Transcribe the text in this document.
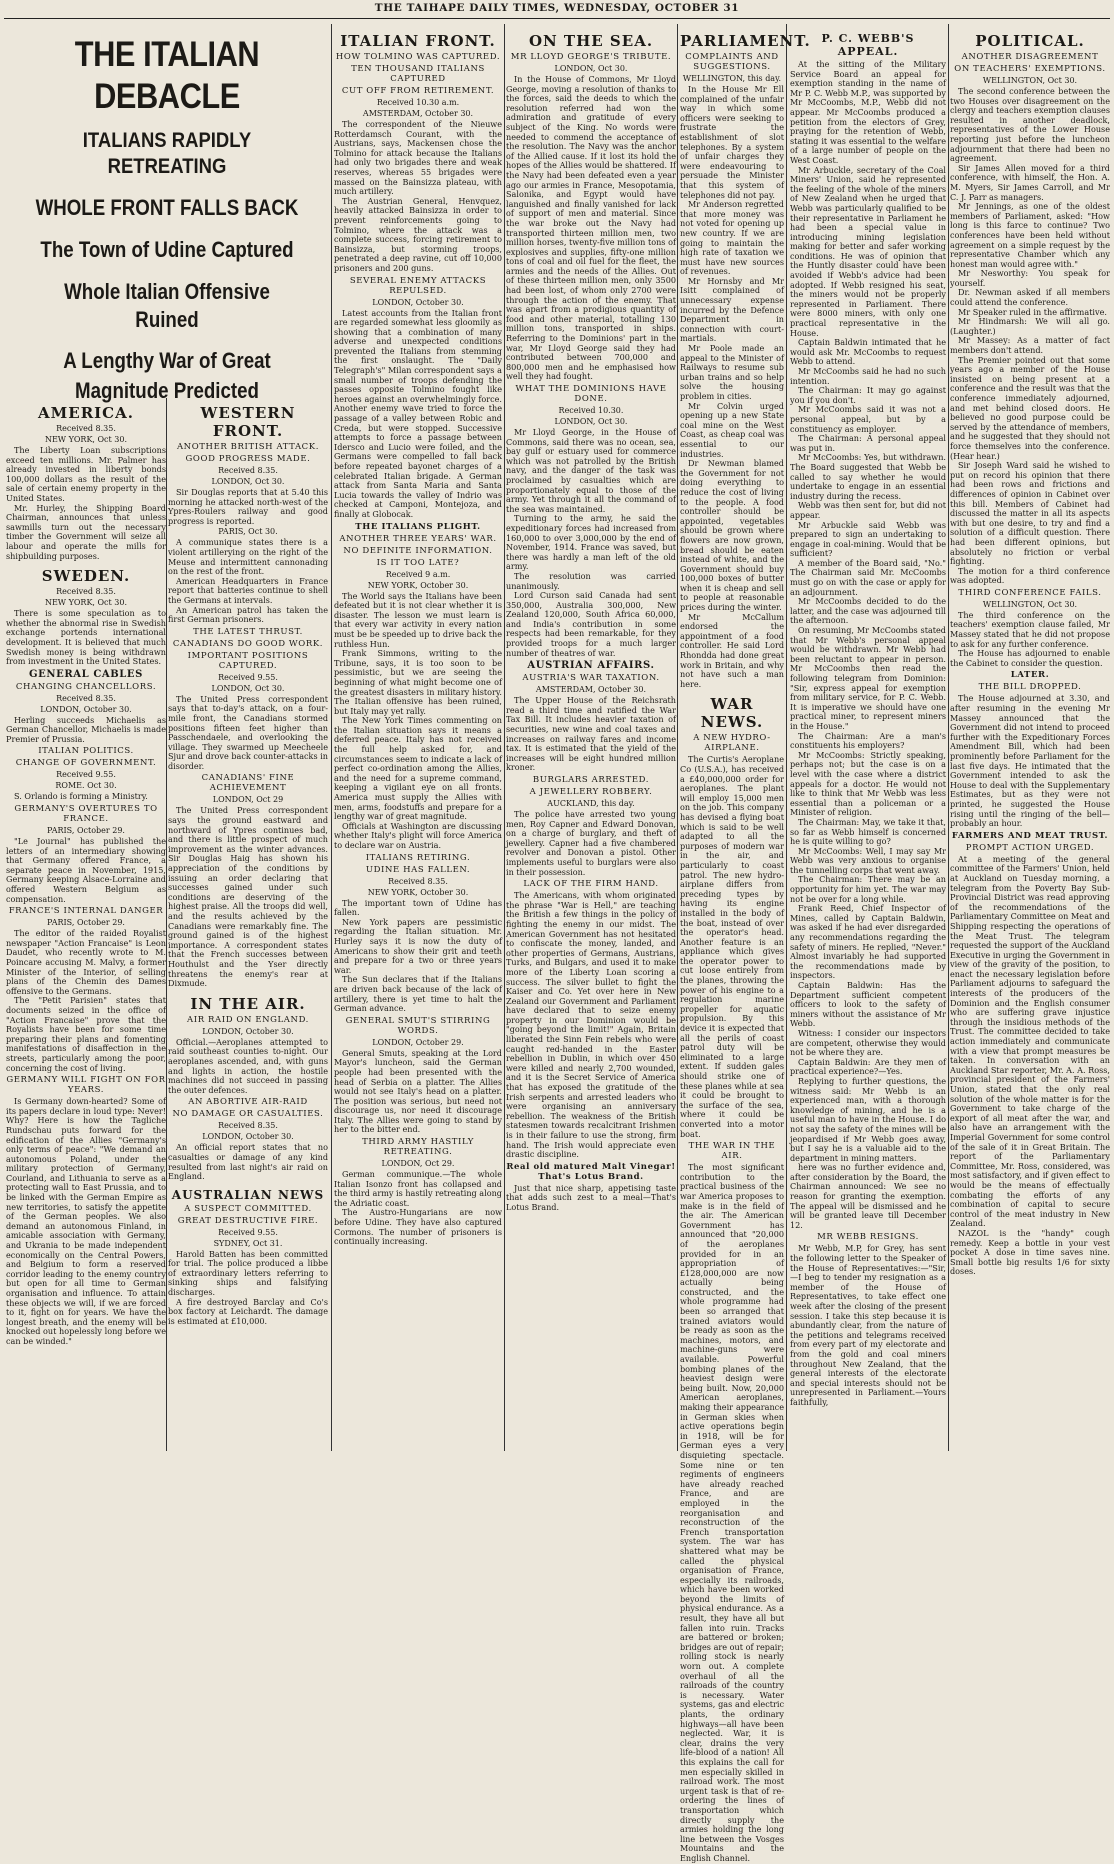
THE TAIHAPE DAILY TIMES, WEDNESDAY, OCTOBER 31
THE ITALIAN DEBACLE
ITALIANS RAPIDLY RETREATING
WHOLE FRONT FALLS BACK
The Town of Udine Captured
Whole Italian Offensive Ruined
A Lengthy War of Great Magnitude Predicted
AMERICA.
Received 8.35.
NEW YORK, Oct 30.

The Liberty Loan subscriptions exceed ten millions. Mr. Palmer has already invested in liberty bonds 100,000 dollars as the result of the sale of certain enemy property in the United States.

Mr. Hurley, the Shipping Board Chairman, announces that unless sawmills turn out the necessary timber the Government will seize all labour and operate the mills for shipbuilding purposes.

SWEDEN.
Received 8.35.
NEW YORK, Oct 30.

There is some speculation as to whether the abnormal rise in Swedish exchange portends international development. It is believed that much Swedish money is being withdrawn from investment in the United States.

GENERAL CABLES
CHANGING CHANCELLORS.
Received 8.35.
LONDON, October 30.

Herling succeeds Michaelis as German Chancellor, Michaelis is made Premier of Prussia.

ITALIAN POLITICS.
CHANGE OF GOVERNMENT.
Received 9.55.
ROME. Oct 30.

S. Orlando is forming a Ministry.

GERMANY'S OVERTURES TO FRANCE.
PARIS, October 29.

"Le Journal" has published the letters of an intermediary showing that Germany offered France, a separate peace in November, 1915, Germany keeping Alsace-Lorraine and offered Western Belgium as compensation.

FRANCE'S INTERNAL DANGER
PARIS, October 29.

The editor of the raided Royalist newspaper "Action Francaise" is Leon Daudet, who recently wrote to M. Poincare accusing M. Malvy, a former Minister of the Interior, of selling plans of the Chemin des Dames offensive to the Germans.

The "Petit Parisien" states that documents seized in the office of "Action Francaise" prove that the Royalists have been for some time preparing their plans and fomenting manifestations of disaffection in the streets, particularly among the poor, concerning the cost of living.

GERMANY WILL FIGHT ON FOR YEARS.

Is Germany down-hearted? Some of its papers declare in loud type: Never! Why? Here is how the Tagliche Rundschau puts forward for the edification of the Allies "Germany's only terms of peace": "We demand an autonomous Poland, under the military protection of Germany, Courland, and Lithuania to serve as a protecting wall to East Prussia, and to be linked with the German Empire as new territories, to satisfy the appetite of the German peoples. We also demand an autonomous Finland, in amicable association with Germany, and Ukrania to be made independent economically on the Central Powers, and Belgium to form a reserved corridor leading to the enemy country but open for all time to German organisation and influence. To attain these objects we will, if we are forced to it, fight on for years. We have the longest breath, and the enemy will be knocked out hopelessly long before we can be winded."

WESTERN FRONT.
ANOTHER BRITISH ATTACK.
GOOD PROGRESS MADE.
Received 8.35.
LONDON, Oct 30.

Sir Douglas reports that at 5.40 this morning he attacked north-west of the Ypres-Roulers railway and good progress is reported.

PARIS, Oct 30.

A communique states there is a violent artillerying on the right of the Meuse and intermittent cannonading on the rest of the front.

American Headquarters in France report that batteries continue to shell the Germans at intervals.

An American patrol has taken the first German prisoners.

THE LATEST THRUST.
CANADIANS DO GOOD WORK.
IMPORTANT POSITIONS CAPTURED.
Received 9.55.
LONDON, Oct 30.

The United Press correspondent says that to-day's attack, on a four-mile front, the Canadians stormed positions fifteen feet higher than Passchendaele, and overlooking the village. They swarmed up Meecheele Sjur and drove back counter-attacks in disorder.

CANADIANS' FINE ACHIEVEMENT
LONDON, Oct 29

The United Press correspondent says the ground eastward and northward of Ypres continues bad, and there is little prospect of much improvement as the winter advances. Sir Douglas Haig has shown his appreciation of the conditions by issuing an order declaring that successes gained under such conditions are deserving of the highest praise. All the troops did well, and the results achieved by the Canadians were remarkably fine. The ground gained is of the highest importance. A correspondent states that the French successes between Houthulst and the Yser directly threatens the enemy's rear at Dixmude.

IN THE AIR.
AIR RAID ON ENGLAND.
LONDON, October 30.

Official.—Aeroplanes attempted to raid southeast counties to-night. Our aeroplanes ascended, and, with guns and lights in action, the hostile machines did not succeed in passing the outer defences.

AN ABORTIVE AIR-RAID
NO DAMAGE OR CASUALTIES.
Received 8.35.
LONDON, October 30.

An official report states that no casualties or damage of any kind resulted from last night's air raid on England.

AUSTRALIAN NEWS
A SUSPECT COMMITTED.
GREAT DESTRUCTIVE FIRE.
Received 9.55.
SYDNEY, Oct 31.

Harold Batten has been committed for trial. The police produced a libbe of extraordinary letters referring to sinking ships and falsifying discharges.

A fire destroyed Barclay and Co's box factory at Leichardt. The damage is estimated at £10,000.

ITALIAN FRONT.
HOW TOLMINO WAS CAPTURED.
TEN THOUSAND ITALIANS CAPTURED
CUT OFF FROM RETIREMENT.
Received 10.30 a.m.
AMSTERDAM, October 30.

The correspondent of the Nieuwe Rotterdamsch Courant, with the Austrians, says, Mackensen chose the Tolmino for attack because the Italians had only two brigades there and weak reserves, whereas 55 brigades were massed on the Bainsizza plateau, with much artillery.

The Austrian General, Henvquez, heavily attacked Bainsizza in order to prevent reinforcements going to Tolmino, where the attack was a complete success, forcing retirement to Bainsizza, but storming troops, penetrated a deep ravine, cut off 10,000 prisoners and 200 guns.

SEVERAL ENEMY ATTACKS REPULSED.
LONDON, October 30.

Latest accounts from the Italian front are regarded somewhat less gloomily as showing that a combination of many adverse and unexpected conditions prevented the Italians from stemming the first onslaught. The "Daily Telegraph's" Milan correspondent says a small number of troops defending the passes opposite Tolmino fought like heroes against an overwhelmingly force. Another enemy wave tried to force the passage of a valley between Robic and Creda, but were stopped. Successive attempts to force a passage between Idersco and Lucio were foiled, and the Germans were compelled to fall back before repeated bayonet charges of a celebrated Italian brigade. A German attack from Santa Maria and Santa Lucia towards the valley of Indrio was checked at Camponi, Montejoza, and finally at Globocak.

THE ITALIANS PLIGHT.
ANOTHER THREE YEARS' WAR.
NO DEFINITE INFORMATION.
IS IT TOO LATE?
Received 9 a.m.
NEW YORK, October 30.

The World says the Italians have been defeated but it is not clear whether it is disaster. The lesson we must learn is that every war activity in every nation must be be speeded up to drive back the ruthless Hun.

Frank Simmons, writing to the Tribune, says, it is too soon to be pessimistic, but we are seeing the beginning of what might become one of the greatest disasters in military history. The Italian offensive has been ruined, but Italy may yet rally.

The New York Times commenting on the Italian situation says it means a deferred peace. Italy has not received the full help asked for, and circumstances seem to indicate a lack of perfect co-ordination among the Allies, and the need for a supreme command, keeping a vigilant eye on all fronts. America must supply the Allies with men, arms, foodstuffs and prepare for a lengthy war of great magnitude.

Officials at Washington are discussing whether Italy's plight will force America to declare war on Austria.

ITALIANS RETIRING.
UDINE HAS FALLEN.
Received 8.35.
NEW YORK, October 30.

The important town of Udine has fallen.

New York papers are pessimistic regarding the Italian situation. Mr. Hurley says it is now the duty of Americans to show their grit and teeth and prepare for a two or three years war.

The Sun declares that if the Italians are driven back because of the lack of artillery, there is yet time to halt the German advance.

GENERAL SMUT'S STIRRING WORDS.
LONDON, October 29.

General Smuts, speaking at the Lord Mayor's luncheon, said the German people had been presented with the head of Serbia on a platter. The Allies would not see Italy's head on a platter. The position was serious, but need not discourage us, nor need it discourage Italy. The Allies were going to stand by her to the bitter end.

THIRD ARMY HASTILY RETREATING.
LONDON, Oct 29.

German communique.—The whole Italian Isonzo front has collapsed and the third army is hastily retreating along the Adriatic coast.

The Austro-Hungarians are now before Udine. They have also captured Cormons. The number of prisoners is continually increasing.

ON THE SEA.
MR LLOYD GEORGE'S TRIBUTE.
LONDON, Oct 30.

In the House of Commons, Mr Lloyd George, moving a resolution of thanks to the forces, said the deeds to which the resolution referred had won the admiration and gratitude of every subject of the King. No words were needed to commend the acceptance of the resolution. The Navy was the anchor of the Allied cause. If it lost its hold the hopes of the Allies would be shattered. If the Navy had been defeated even a year ago our armies in France, Mesopotamia, Salonika, and Egypt would have languished and finally vanished for lack of support of men and material. Since the war broke out the Navy had transported thirteen million men, two million horses, twenty-five million tons of explosives and supplies, fifty-one million tons of coal and oil fuel for the fleet, the armies and the needs of the Allies. Out of these thirteen million men, only 3500 had been lost, of whom only 2700 were through the action of the enemy. That was apart from a prodigious quantity of food and other material, totalling 130 million tons, transported in ships. Referring to the Dominions' part in the war, Mr Lloyd George said they had contributed between 700,000 and 800,000 men and he emphasised how well they had fought.

WHAT THE DOMINIONS HAVE DONE.
Received 10.30.
LONDON, Oct 30.

Mr Lloyd George, in the House of Commons, said there was no ocean, sea, bay gulf or estuary used for commerce which was not patrolled by the British navy, and the danger of the task was proclaimed by casualties which are proportionately equal to those of the army. Yet through it all the command of the sea was maintained.

Turning to the army, he said the expeditionary forces had increased from 160,000 to over 3,000,000 by the end of November, 1914. France was saved, but there was hardly a man left of the old army.

The resolution was carried unanimously.

Lord Curson said Canada had sent 350,000, Australia 300,000, New Zealand 120,000, South Africa 60,000, and India's contribution in some respects had been remarkable, for they provided troops for a much larger number of theatres of war.

AUSTRIAN AFFAIRS.
AUSTRIA'S WAR TAXATION.
AMSTERDAM, October 30.

The Upper House of the Reichsrath read a third time and ratified the War Tax Bill. It includes heavier taxation of securities, new wine and coal taxes and increases on railway fares and income tax. It is estimated that the yield of the increases will be eight hundred million kroner.

BURGLARS ARRESTED.
A JEWELLERY ROBBERY.
AUCKLAND, this day.

The police have arrested two young men, Roy Capner and Edward Donovan, on a charge of burglary, and theft of jewellery. Capner had a five chambered revolver and Donovan a pistol. Other implements useful to burglars were also in their possession.

LACK OF THE FIRM HAND.

The Americans, with whom originated the phrase "War is Hell," are teaching the British a few things in the policy of fighting the enemy in our midst. The American Government has not hesitated to confiscate the money, landed, and other properties of Germans, Austrians, Turks, and Bulgars, and used it to make more of the Liberty Loan scoring a success. The silver bullet to fight the Kaiser and Co. Yet over here in New Zealand our Government and Parliament have declared that to seize enemy property in our Dominion would be "going beyond the limit!" Again, Britain liberated the Sinn Fein rebels who were caught red-handed in the Easter rebellion in Dublin, in which over 450 were killed and nearly 2,700 wounded, and it is the Secret Service of America that has exposed the gratitude of the Irish serpents and arrested leaders who were organising an anniversary rebellion. The weakness of the British statesmen towards recalcitrant Irishmen is in their failure to use the strong, firm hand. The Irish would appreciate even drastic discipline.

Real old matured Malt Vinegar! That's Lotus Brand.

Just that nice sharp, appetising taste that adds such zest to a meal—That's Lotus Brand.

PARLIAMENT.
COMPLAINTS AND SUGGESTIONS.
WELLINGTON, this day.

In the House Mr Ell complained of the unfair way in which some officers were seeking to frustrate the establishment of slot telephones. By a system of unfair charges they were endeavouring to persuade the Minister that this system of telephones did not pay.

Mr Anderson regretted that more money was not voted for opening up new country. If we are going to maintain the high rate of taxation we must have new sources of revenues.

Mr Hornsby and Mr Isitt complained of unnecessary expense incurred by the Defence Department in connection with court-martials.

Mr Poole made an appeal to the Minister of Railways to resume sub urban trains and so help solve the housing problem in cities.

Mr Colvin urged opening up a new State coal mine on the West Coast, as cheap coal was essential to our industries.

Dr Newman blamed the Government for not doing everything to reduce the cost of living to the people. A food controller should be appointed, vegetables should be grown where flowers are now grown, bread should be eaten instead of white, and the Government should buy 100,000 boxes of butter when it is cheap and sell to people at reasonable prices during the winter.

Mr McCallum endorsed the appointment of a food controller. He said Lord Rhondda had done great work in Britain, and why not have such a man here.

WAR NEWS.
A NEW HYDRO-AIRPLANE.

The Curtis's Aeroplane Co (U.S.A.), has received a £40,000,000 order for aeroplanes. The plant will employ 15,000 men on the job. This company has devised a flying boat which is said to be well adapted to all the purposes of modern war in the air, and particularly to coast patrol. The new hydro-airplane differs from preceding types by having its engine installed in the body of the boat, instead of over the operator's head. Another feature is an appliance which gives the operator power to cut loose entirely from the planes, throwing the power of his engine to a regulation marine propeller for aquatic propulsion. By this device it is expected that all the perils of coast patrol duty will be eliminated to a large extent. If sudden gales should strike one of these planes while at sea it could be brought to the surface of the sea, where it could be converted into a motor boat.

THE WAR IN THE AIR.

The most significant contribution to the practical business of the war America proposes to make is in the field of the air. The American Government has announced that "20,000 of the aeroplanes provided for in an appropriation of £128,000,000 are now actually being constructed, and the whole programme had been so arranged that trained aviators would be ready as soon as the machines, motors, and machine-guns were available. Powerful bombing planes of the heaviest design were being built. Now, 20,000 American aeroplanes, making their appearance in German skies when active operations begin in 1918, will be for German eyes a very disquieting spectacle. Some nine or ten regiments of engineers have already reached France, and are employed in the reorganisation and reconstruction of the French transportation system. The war has shattered what may be called the physical organisation of France, especially its railroads, which have been worked beyond the limits of physical endurance. As a result, they have all but fallen into ruin. Tracks are battered or broken; bridges are out of repair; rolling stock is nearly worn out. A complete overhaul of all the railroads of the country is necessary. Water systems, gas and electric plants, the ordinary highways—all have been neglected. War, it is clear, drains the very life-blood of a nation! All this explains the call for men especially skilled in railroad work. The most urgent task is that of re-ordering the lines of transportation which directly supply the armies holding the long line between the Vosges Mountains and the English Channel.

P. C. WEBB'S APPEAL.

At the sitting of the Military Service Board an appeal for exemption standing in the name of Mr P. C. Webb M.P., was supported by Mr McCoombs, M.P., Webb did not appear. Mr McCoombs produced a petition from the electors of Grey, praying for the retention of Webb, stating it was essential to the welfare of a large number of people on the West Coast.

Mr Arbuckle, secretary of the Coal Miners' Union, said he represented the feeling of the whole of the miners of New Zealand when he urged that Webb was particularly qualified to be their representative in Parliament he had been a special value in introducing mining legislation making for better and safer working conditions. He was of opinion that the Huntly disaster could have been avoided if Webb's advice had been adopted. If Webb resigned his seat, the miners would not be properly represented in Parliament. There were 8000 miners, with only one practical representative in the House.

Captain Baldwin intimated that he would ask Mr. McCoombs to request Webb to attend.

Mr McCoombs said he had no such intention.

The Chairman: It may go against you if you don't.

Mr McCoombs said it was not a personal appeal, but by a constituency as employer.

The Chairman: A personal appeal was put in.

Mr McCoombs: Yes, but withdrawn. The Board suggested that Webb be called to say whether he would undertake to engage in an essential industry during the recess.

Webb was then sent for, but did not appear.

Mr Arbuckle said Webb was prepared to sign an undertaking to engage in coal-mining. Would that be sufficient?

A member of the Board said, "No." The Chairman said Mr. McCoombs must go on with the case or apply for an adjournment.

Mr McCoombs decided to do the latter, and the case was adjourned till the afternoon.

On resuming, Mr McCoombs stated that Mr Webb's personal appeal would be withdrawn. Mr Webb had been reluctant to appear in person. Mr McCoombs then read the following telegram from Dominion: "Sir, express appeal for exemption from military service, for P. C. Webb. It is imperative we should have one practical miner, to represent miners in the House."

The Chairman: Are a man's constituents his employers?

Mr McCoombs: Strictly speaking, perhaps not; but the case is on a level with the case where a district appeals for a doctor. He would not like to think that Mr Webb was less essential than a policeman or a Minister of religion.

The Chairman: May, we take it that, so far as Webb himself is concerned he is quite willing to go?

Mr McCoombs: Well, I may say Mr Webb was very anxious to organise the tunnelling corps that went away.

The Chairman: There may be an opportunity for him yet. The war may not be over for a long while.

Frank Reed, Chief Inspector of Mines, called by Captain Baldwin, was asked if he had ever disregarded any recommendations regarding the safety of miners. He replied, "Never." Almost invariably he had supported the recommendations made by inspectors.

Captain Baldwin: Has the Department sufficient competent officers to look to the safety of miners without the assistance of Mr Webb.

Witness: I consider our inspectors are competent, otherwise they would not be where they are.

Captain Baldwin: Are they men of practical experience?—Yes.

Replying to further questions, the witness said: Mr Webb is an experienced man, with a thorough knowledge of mining, and he is a useful man to have in the House. I do not say the safety of the mines will be jeopardised if Mr Webb goes away, but I say he is a valuable aid to the department in mining matters.

here was no further evidence and, after consideration by the Board, the Chairman announced: We see no reason for granting the exemption. The appeal will be dismissed and he will be granted leave till December 12.

MR WEBB RESIGNS.

Mr Webb, M.P, for Grey, has sent the following letter to the Speaker of the House of Representatives:—"Sir,—I beg to tender my resignation as a member of the House of Representatives, to take effect one week after the closing of the present session. I take this step because it is abundantly clear, from the nature of the petitions and telegrams received from every part of my electorate and from the gold and coal miners throughout New Zealand, that the general interests of the electorate and special interests should not be unrepresented in Parliament.—Yours faithfully,

POLITICAL.
ANOTHER DISAGREEMENT
ON TEACHERS' EXEMPTIONS.
WELLINGTON, Oct 30.

The second conference between the two Houses over disagreement on the clergy and teachers exemption clauses resulted in another deadlock, representatives of the Lower House reporting just before the luncheon adjournment that there had been no agreement.

Sir James Allen moved for a third conference, with himself, the Hon. A. M. Myers, Sir James Carroll, and Mr C. J. Parr as managers.

Mr Jennings, as one of the oldest members of Parliament, asked: "How long is this farce to continue? Two conferences have been held without agreement on a simple request by the representative Chamber which any honest man would agree with."

Mr Nesworthy: You speak for yourself.

Dr. Newman asked if all members could attend the conference.

Mr Speaker ruled in the affirmative.

Mr Hindmarsh: We will all go. (Laughter.)

Mr Massey: As a matter of fact members don't attend.

The Premier pointed out that some years ago a member of the House insisted on being present at a conference and the result was that the conference immediately adjourned, and met behind closed doors. He believed no good purpose could be served by the attendance of members, and he suggested that they should not force themselves into the conference. (Hear hear.)

Sir Joseph Ward said he wished to put on record his opinion that there had been rows and frictions and differences of opinion in Cabinet over this bill. Members of Cabinet had discussed the matter in all its aspects with but one desire, to try and find a solution of a difficult question. There had been different opinions, but absolutely no friction or verbal fighting.

The motion for a third conference was adopted.

THIRD CONFERENCE FAILS.
WELLINGTON, Oct 30.

The third conference on the teachers' exemption clause failed, Mr Massey stated that he did not propose to ask for any further conference.

The House has adjourned to enable the Cabinet to consider the question.

LATER.
THE BILL DROPPED.

The House adjourned at 3.30, and after resuming in the evening Mr Massey announced that the Government did not intend to proceed further with the Expeditionary Forces Amendment Bill, which had been prominently before Parliament for the last five days. He intimated that the Government intended to ask the House to deal with the Supplementary Estimates, but as they were not printed, he suggested the House rising until the ringing of the bell—probably an hour.

FARMERS AND MEAT TRUST.
PROMPT ACTION URGED.

At a meeting of the general committee of the Farmers' Union, held at Auckland on Tuesday morning, a telegram from the Poverty Bay Sub-Provincial District was read approving of the recommendations of the Parliamentary Committee on Meat and Shipping respecting the operations of the Meat Trust. The telegram requested the support of the Auckland Executive in urging the Government in view of the gravity of the position, to enact the necessary legislation before Parliament adjourns to safeguard the interests of the producers of the Dominion and the English consumer who are suffering grave injustice through the insidious methods of the Trust. The committee decided to take action immediately and communicate with a view that prompt measures be taken. In conversation with an Auckland Star reporter, Mr. A. A. Ross, provincial president of the Farmers' Union, stated that the only real solution of the whole matter is for the Government to take charge of the export of all meat after the war, and also have an arrangement with the Imperial Government for some control of the sale of it in Great Britain. The report of the Parliamentary Committee, Mr. Ross, considered, was most satisfactory, and if given effect to would be the means of effectually combating the efforts of any combination of capital to secure control of the meat industry in New Zealand.

NAZOL is the "handy" cough remedy. Keep a bottle in your vest pocket A dose in time saves nine. Small bottle big results 1/6 for sixty doses.
